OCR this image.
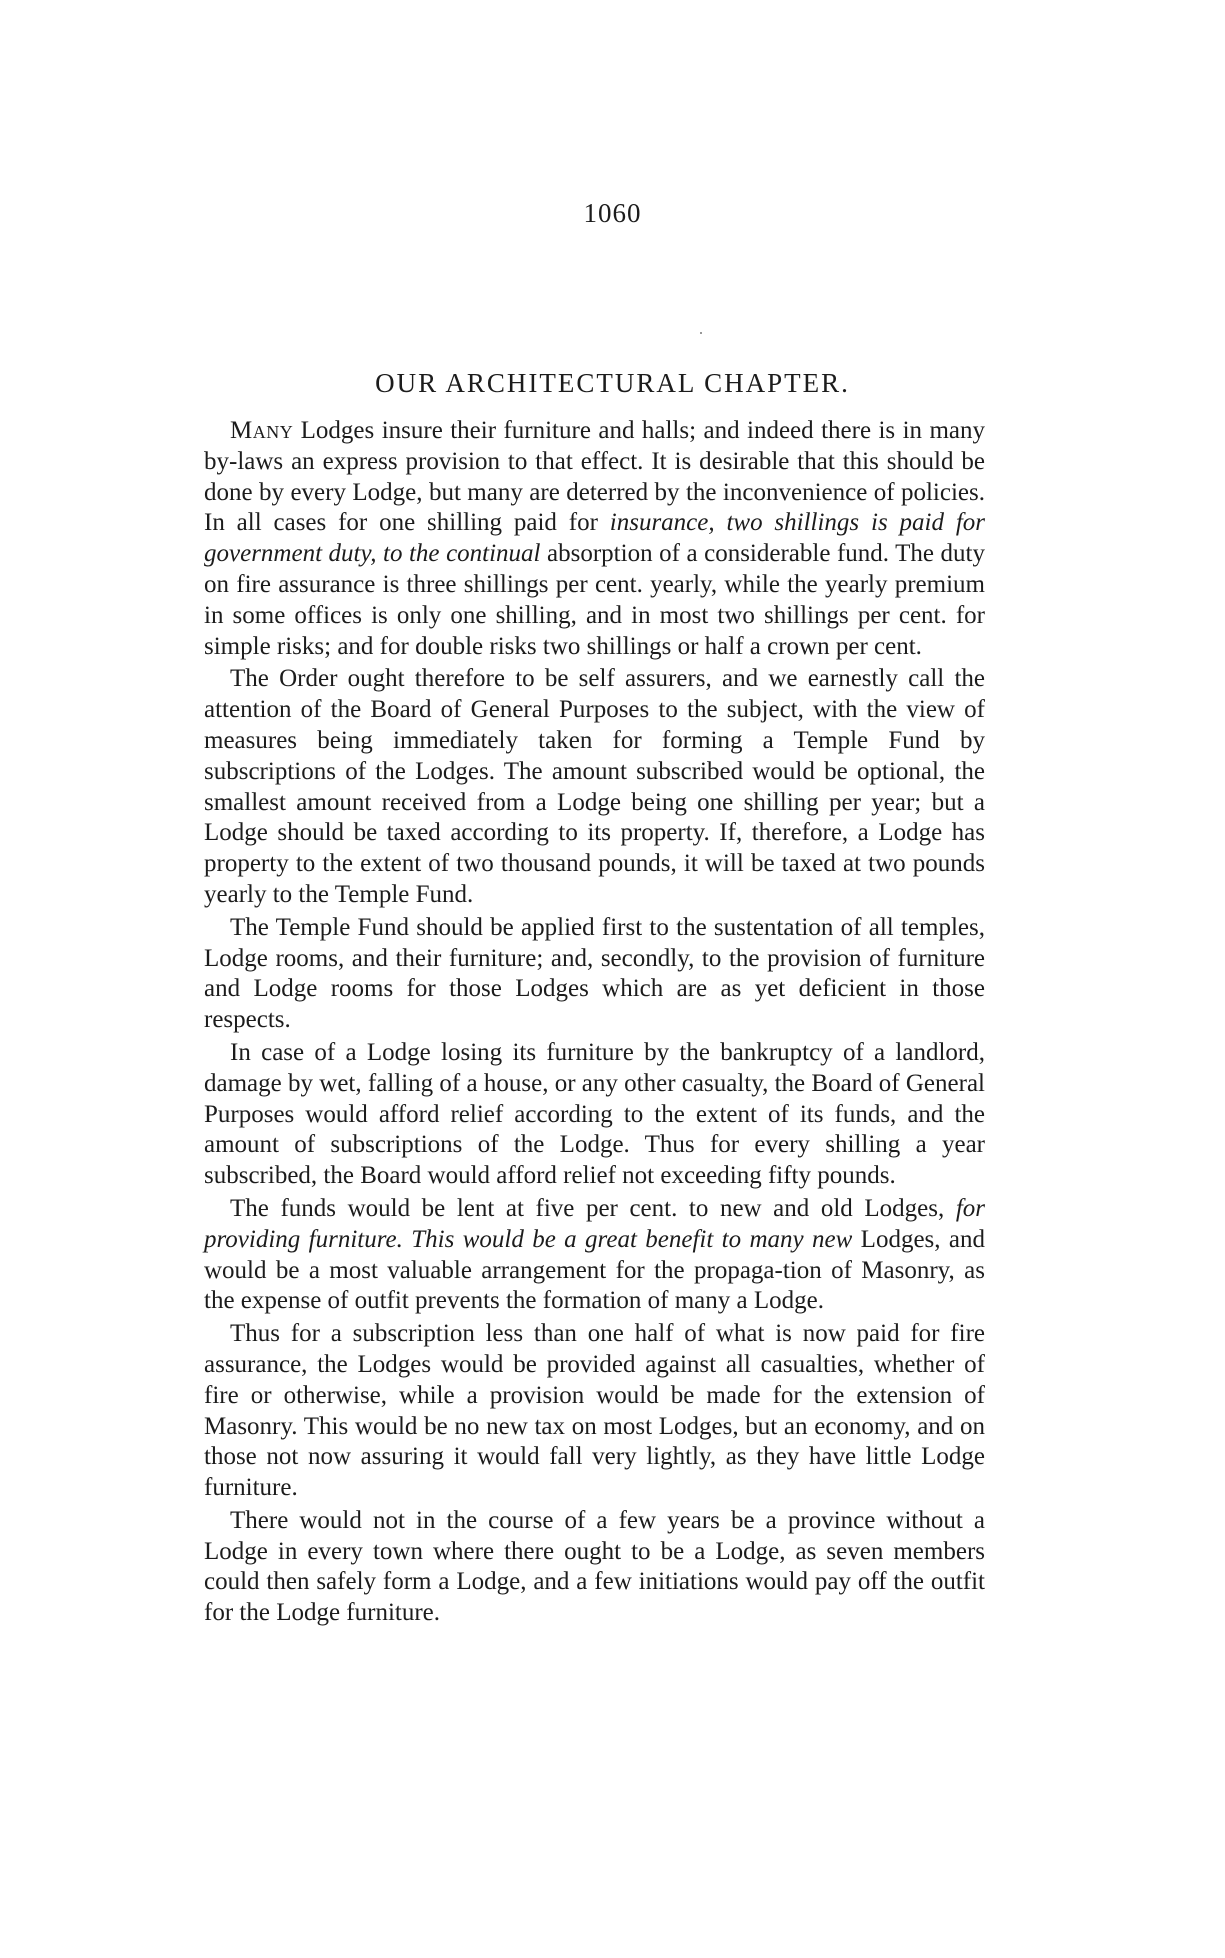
1060
OUR ARCHITECTURAL CHAPTER.

Many Lodges insure their furniture and halls; and indeed there is in many by-laws an express provision to that effect. It is desirable that this should be done by every Lodge, but many are deterred by the inconvenience of policies. In all cases for one shilling paid for insurance, two shillings is paid for government duty, to the continual absorption of a considerable fund. The duty on fire assurance is three shillings per cent. yearly, while the yearly premium in some offices is only one shilling, and in most two shillings per cent. for simple risks; and for double risks two shillings or half a crown per cent.

The Order ought therefore to be self assurers, and we earnestly call the attention of the Board of General Purposes to the subject, with the view of measures being immediately taken for forming a Temple Fund by subscriptions of the Lodges. The amount subscribed would be optional, the smallest amount received from a Lodge being one shilling per year; but a Lodge should be taxed according to its property. If, therefore, a Lodge has property to the extent of two thousand pounds, it will be taxed at two pounds yearly to the Temple Fund.

The Temple Fund should be applied first to the sustentation of all temples, Lodge rooms, and their furniture; and, secondly, to the provision of furniture and Lodge rooms for those Lodges which are as yet deficient in those respects.

In case of a Lodge losing its furniture by the bankruptcy of a landlord, damage by wet, falling of a house, or any other casualty, the Board of General Purposes would afford relief according to the extent of its funds, and the amount of subscriptions of the Lodge. Thus for every shilling a year subscribed, the Board would afford relief not exceeding fifty pounds.

The funds would be lent at five per cent. to new and old Lodges, for providing furniture. This would be a great benefit to many new Lodges, and would be a most valuable arrangement for the propaga-tion of Masonry, as the expense of outfit prevents the formation of many a Lodge.

Thus for a subscription less than one half of what is now paid for fire assurance, the Lodges would be provided against all casualties, whether of fire or otherwise, while a provision would be made for the extension of Masonry. This would be no new tax on most Lodges, but an economy, and on those not now assuring it would fall very lightly, as they have little Lodge furniture.

There would not in the course of a few years be a province without a Lodge in every town where there ought to be a Lodge, as seven members could then safely form a Lodge, and a few initiations would pay off the outfit for the Lodge furniture.
